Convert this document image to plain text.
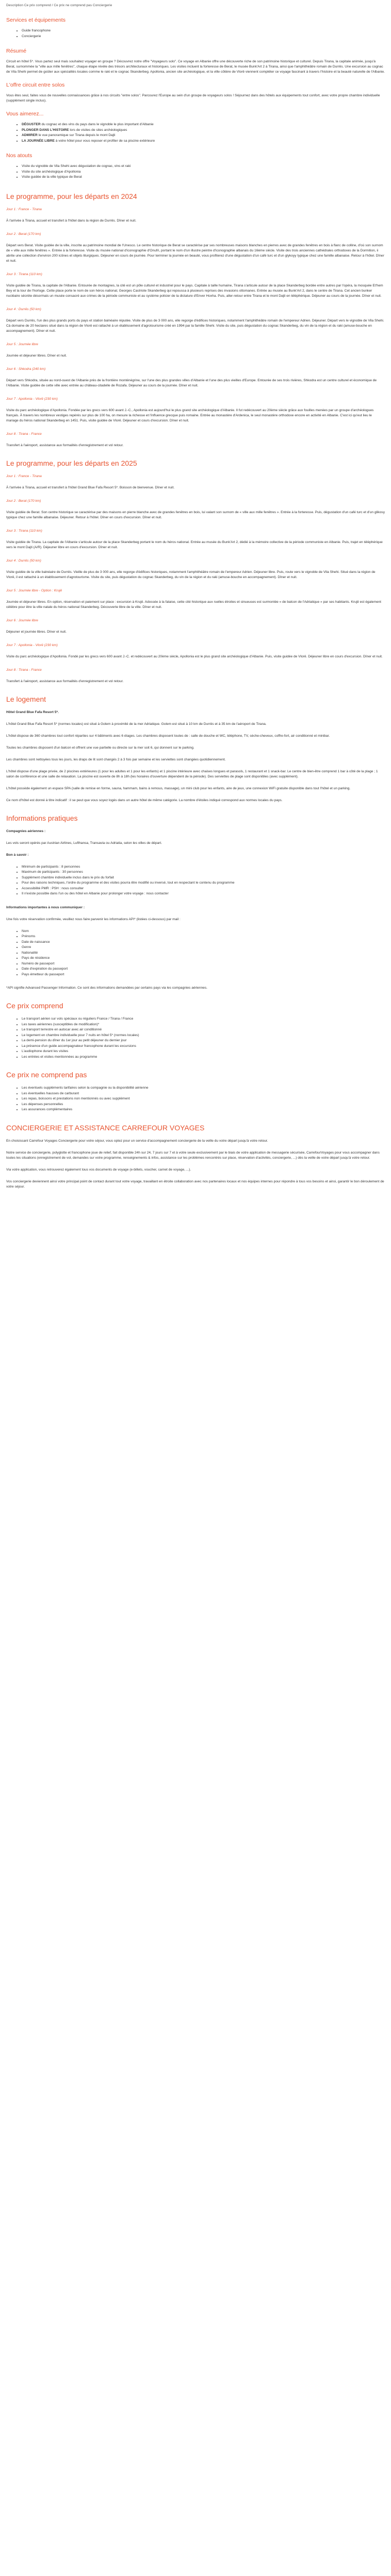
Description Ce prix comprend / Ce prix ne comprend pas Conciergerie
Services et équipements
• Guide francophone
• Conciergerie
Résumé

Circuit en hôtel 5*. Vous partez seul mais souhaitez voyager en groupe ? Découvrez notre offre "Voyageurs solo". Ce voyage en Albanie offre une découverte riche de son patrimoine historique et culturel. Depuis Tirana, la capitale animée, jusqu'à Berat, surnommée la "ville aux mille fenêtres", chaque étape révèle des trésors architecturaux et historiques. Les visites incluent la forteresse de Berat, le musée Bunk'Art 2 à Tirana, ainsi que l'amphithéâtre romain de Durrës. Une excursion au cognac de Vila Shehi permet de goûter aux spécialités locales comme le raki et le cognac Skanderbeg. Apollonia, ancien site archéologique, et la ville côtière de Vlorë viennent compléter ce voyage fascinant à travers l'histoire et la beauté naturelle de l'Albanie.

L'offre circuit entre solos

Vous êtes seul, faites vous de nouvelles connaissances grâce à nos circuits "entre solos". Parcourez l'Europe au sein d'un groupe de voyageurs solos ! Séjournez dans des hôtels aux équipements tout confort, avec votre propre chambre individuelle (supplément single inclus).

Vous aimerez...
• DÉGUSTER du cognac et des vins du pays dans le vignoble le plus important d'Albanie
• PLONGER DANS L'HISTOIRE lors de visites de sites archéologiques
• ADMIRER le vue panoramique sur Tirana depuis le mont Dajti
• LA JOURNÉE LIBRE à votre hôtel pour vous reposer et profiter de sa piscine extérieure
Nos atouts
• Visite du vignoble de Vila Shehi avec dégustation de cognac, vins et raki
• Visite du site archéologique d'Apollonia
• Visite guidée de la ville typique de Berat
Le programme, pour les départs en 2024
Jour 1 : France - Tirana

À l'arrivée à Tirana, accueil et transfert à l'hôtel dans la région de Durrës. Dîner et nuit.

Jour 2 : Berat (170 km)

Départ vers Berat. Visite guidée de la ville, inscrite au patrimoine mondial de l'Unesco. Le centre historique de Berat se caractérise par ses nombreuses maisons blanches en pierres avec de grandes fenêtres en bois à flanc de colline, d'où son surnom de « ville aux mille fenêtres ». Entrée à la forteresse. Visite du musée national d'iconographie d'Onufri, portant le nom d'un illustre peintre d'iconographie albanais du 16ème siècle. Visite des trois anciennes cathédrales orthodoxes de la Dormition, ii abrite une collection d'environ 200 icônes et objets liturgiques. Déjeuner en cours de journée. Pour terminer la journée en beauté, vous profiterez d'une dégustation d'un café turc et d'un glykoyy typique chez une famille albanaise. Retour à l'hôtel. Dîner et nuit.

Jour 3 : Tirana (110 km)

Visite guidée de Tirana, la capitale de l'Albanie. Entourée de montagnes, la cité est un pôle culturel et industriel pour le pays. Capitale à taille humaine, Tirana s'articule autour de la place Skanderbeg bordée entre autres par l'opéra, la mosquée Et'hem Bey et la tour de l'horloge. Cette place porte le nom de son héros national, Georges Castriote Skanderbeg qui repoussa à plusieurs reprises des invasions ottomanes. Entrée au musée au Bunk'Art 2, dans le centre de Tirana. Cet ancien bunker nucléaire sécrète désormais un musée consacré aux crimes de la période communiste et au système policier de la dictature d'Enver Hoxha. Puis, aller-retour entre Tirana et le mont Dajti en téléphérique. Déjeuner au cours de la journée. Dîner et nuit.

Jour 4 : Durrës (50 km)

Départ vers Durrës, l'un des plus grands ports du pays et station balnéaire réputée. Visite de plus de 3 000 ans, elle regorge d'édifices historiques, notamment l'amphithéâtre romain de l'empereur Adrien. Déjeuner. Départ vers le vignoble de Vila Shehi. Cà domaine de 20 hectares situé dans la région de Vlorë est rattaché à un établissement d'agrotourisme créé en 1994 par la famille Shehi. Visite du site, puis dégustation du cognac Skanderbeg, du vin de la région et du raki (amuse-bouche en accompagnement). Dîner et nuit.

Jour 5 : Journée libre

Journée et déjeuner libres. Dîner et nuit.

Jour 6 : Shkodra (240 km)

Départ vers Shkodra, située au nord-ouest de l'Albanie près de la frontière monténégrine, sur l'une des plus grandes villes d'Albanie et l'une des plus vieilles d'Europe. Entourée de ses trois rivières, Shkodra est un centre culturel et économique de l'Albanie. Visite guidée de cette ville avec entrée au château-citadelle de Rozafa. Déjeuner au cours de la journée. Dîner et nuit.

Jour 7 : Apollonia - Vlorë (230 km)

Visite du parc archéologique d'Apollonia. Fondée par les grecs vers 600 avant J.-C., Apollonia est aujourd'hui le plus grand site archéologique d'Albanie. Il fut redécouvert au 20ème siècle grâce aux fouilles menées par un groupe d'archéologues français. À travers les nombreux vestiges repérés sur plus de 100 ha, on mesure la richesse et l'influence grecque puis romaine. Entrée au monastère d'Ardenica, le seul monastère orthodoxe encore en activité en Albanie. C'est ici qu'eut lieu le mariage du héros national Skanderbeg en 1451. Puis, visite guidée de Vlorë. Déjeuner et cours d'excursion. Dîner et nuit.

Jour 8 : Tirana - France

Transfert à l'aéroport, assistance aux formalités d'enregistrement et vol retour.

Le programme, pour les départs en 2025
Jour 1 : France - Tirana

À l'arrivée à Tirana, accueil et transfert à l'hôtel Grand Blue Fafa Resort 5*. Boisson de bienvenue. Dîner et nuit.

Jour 2 : Berat (170 km)

Visite guidée de Berat. Son centre historique se caractérise par des maisons en pierre blanche avec de grandes fenêtres en bois, lui valant son surnom de « ville aux mille fenêtres ». Entrée à la forteresse. Puis, dégustation d'un café turc et d'un glikosy typique chez une famille albanaise. Déjeuner. Retour à l'hôtel. Dîner en cours d'excursion. Dîner et nuit.

Jour 3 : Tirana (110 km)

Visite guidée de Tirana. La capitale de l'Albanie s'articule autour de la place Skanderbeg portant le nom du héros national. Entrée au musée du Bunk'Art 2, dédié à la mémoire collective de la période communiste en Albanie. Puis, trajet en téléphérique vers le mont Dajti (A/R). Déjeuner libre en cours d'excursion. Dîner et nuit.

Jour 4 : Durrës (50 km)

Visite guidée de la ville balnéaire de Durrës. Vieille de plus de 3 000 ans, elle regorge d'édifices historiques, notamment l'amphithéâtre romain de l'empereur Adrien. Déjeuner libre. Puis, route vers le vignoble de Vila Shehi. Situé dans la région de Vlorë, il est rattaché à un établissement d'agrotourisme. Visite du site, puis dégustation du cognac Skanderbeg, du vin de la région et du raki (amuse-bouche en accompagnement). Dîner et nuit.

Jour 5 : Journée libre - Option : Krujë

Journée et déjeuner libres. En option, réservation et paiement sur place : excursion à Krujë. Adossée à la falaise, cette cité historique aux ruelles étroites et sinueuses est surmontée « de balcon de l'Adriatique » par ses habitants. Krujë est également célèbre pour être la ville natale du héros national Skanderbeg. Découverte libre de la ville. Dîner et nuit.

Jour 6 : Journée libre

Déjeuner et journée libres. Dîner et nuit.

Jour 7 : Apollonia - Vlorë (230 km)

Visite du parc archéologique d'Apollonia. Fondé par les grecs vers 600 avant J.-C. et redécouvert au 20ème siècle, Apollonia est le plus grand site archéologique d'Albanie. Puis, visite guidée de Vlorë. Déjeuner libre en cours d'excursion. Dîner et nuit.

Jour 8 : Tirana - France

Transfert à l'aéroport, assistance aux formalités d'enregistrement et vol retour.

Le logement

Hôtel Grand Blue Fafa Resort 5*.

L'hôtel Grand Blue Fafa Resort 5* (normes locales) est situé à Golem à proximité de la mer Adriatique. Golem est situé à 10 km de Durrës et à 35 km de l'aéroport de Tirana.

L'hôtel dispose de 360 chambres tout confort réparties sur 4 bâtiments avec 6 étages. Les chambres disposent toutes de : salle de douche et WC, téléphone, TV, sèche-cheveux, coffre-fort, air conditionné et minibar.

Toutes les chambres disposent d'un balcon et offrent une vue partielle ou directe sur la mer soit 6, qui donnent sur le parking.

Les chambres sont nettoyées tous les jours, les draps de lit sont changés 2 à 3 fois par semaine et les serviettes sont changées quotidiennement.

L'hôtel dispose d'une plage privée, de 2 piscines extérieures (1 pour les adultes et 1 pour les enfants) et 1 piscine intérieure avec chaises longues et parasols, 1 restaurant et 1 snack-bar. Le centre de bien-être comprend 1 bar à côté de la plage ; 1 salon de conférence et une salle de relaxation. La piscine est ouverte de 8h à 18h (les horaires d'ouverture dépendent de la période). Des serviettes de plage sont disponibles (avec supplément).

L'hôtel possède également un espace SPA (salle de remise en forme, sauna, hammam, bains à remous, massage), un mini club pour les enfants, aire de jeux, une connexion WiFi gratuite disponible dans tout l'hôtel et un parking.

Ce nom d'hôtel est donné à titre indicatif : il se peut que vous soyez logés dans un autre hôtel de même catégorie. La nombre d'étoiles indiqué correspond aux normes locales du pays.

Informations pratiques

Compagnies aériennes :

Les vols seront opérés par Austrian Airlines, Lufthansa, Transavia ou Adriatia, selon les villes de départ.

Bon à savoir :

• Minimum de participants : 8 personnes
• Maximum de participants : 30 personnes
• Supplément chambre individuelle inclus dans le prix du forfait
• Pour des raisons techniques, l'ordre du programme et des visites pourra être modifié ou inversé, tout en respectant le contenu du programme
• Accessibilité PMR : PSH : nous consulter
• Il n'existe possible dans l'un ou des hôtel en Albanie pour prolonger votre voyage : nous contacter

Informations importantes à nous communiquer :

Une fois votre réservation confirmée, veuillez nous faire parvenir les informations API* (listées ci-dessous) par mail :

• Nom
• Prénoms
• Date de naissance
• Genre
• Nationalité
• Pays de résidence
• Numéro de passeport
• Date d'expiration du passeport
• Pays émetteur du passeport

*API signifie Advanced Passenger Information. Ce sont des informations demandées par certains pays via les compagnies aériennes.

Ce prix comprend
• Le transport aérien sur vols spéciaux ou réguliers France / Tirana / France
• Les taxes aériennes (susceptibles de modification)*
• Le transport terrestre en autocar avec air conditionné
• Le logement en chambre individuelle pour 7 nuits en hôtel 5* (normes locales)
• La demi-pension du dîner du 1er jour au petit déjeuner du dernier jour
• La présence d'un guide accompagnateur francophone durant les excursions
• L'audiophone durant les visites
• Les entrées et visites mentionnées au programme
Ce prix ne comprend pas
• Les éventuels suppléments tarifaires selon la compagnie ou la disponibilité aérienne
• Les éventuelles hausses de carburant
• Les repas, boissons et prestations non mentionnés ou avec supplément
• Les dépenses personnelles
• Les assurances complémentaires
CONCIERGERIE ET ASSISTANCE CARREFOUR VOYAGES

En choisissant Carrefour Voyages Conciergerie pour votre séjour, vous optez pour un service d'accompagnement conciergerie de la veille du votre départ jusqu'à votre retour.

Notre service de conciergerie, polyglotte et francophone joue de relief, fait disponible 24h sur 24, 7 jours sur 7 et à votre seule exclusivement par le biais de votre application de messagerie sécurisée, CarrefourVoyages pour vous accompagner dans toutes les situations (enregistrement de vol, demandes sur votre programme, renseignements & infos, assistance sur les problèmes rencontrés sur place, réservation d'activités, conciergerie, ...) dès la veille de votre départ jusqu'à votre retour.

Via votre application, vous retrouverez également tous vos documents de voyage (e-billets, voucher, carnet de voyage, ...).

Vos conciergerie deviennent ainsi votre principal point de contact durant tout votre voyage, travaillant en étroite collaboration avec nos partenaires locaux et nos équipes internes pour répondre à tous vos besoins et ainsi, garantir le bon déroulement de votre séjour.
